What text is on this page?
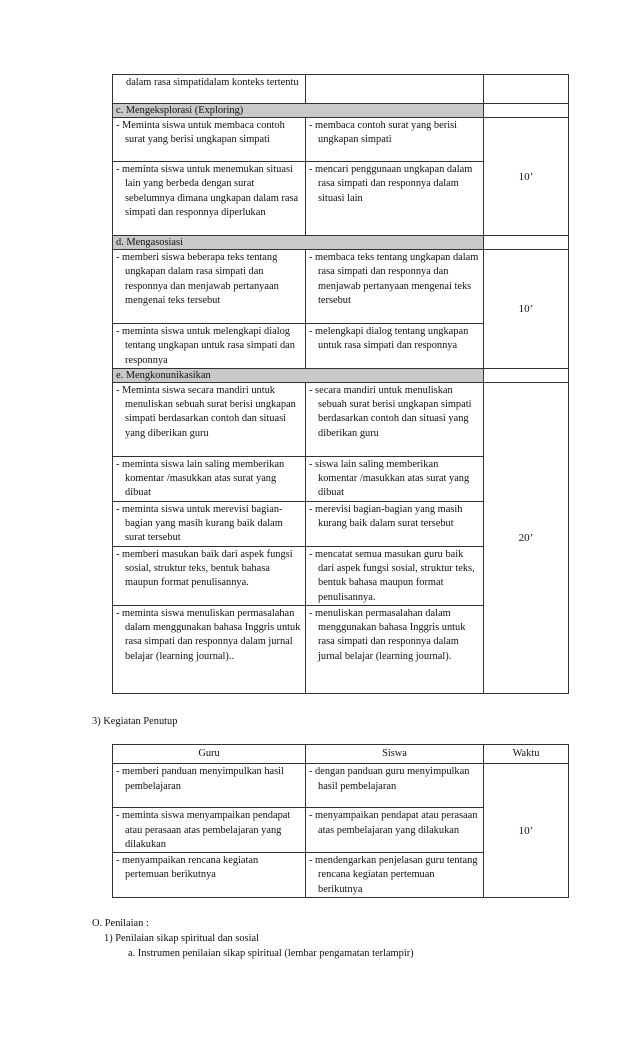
dalam rasa simpatidalam konteks tertentu		
c. Mengeksplorasi (Exploring)		

- Meminta siswa untuk membaca contoh surat yang berisi ungkapan simpati	- membaca contoh surat yang berisi ungkapan simpati	10’

- meminta siswa untuk menemukan situasi lain yang berbeda dengan surat sebelumnya dimana ungkapan dalam rasa simpati dan responnya diperlukan	- mencari penggunaan ungkapan dalam rasa simpati dan responnya dalam situasi lain	

d. Mengasosiasi		

- memberi siswa beberapa teks tentang ungkapan dalam rasa simpati dan responnya dan menjawab pertanyaan mengenai teks tersebut	- membaca teks tentang ungkapan dalam rasa simpati dan responnya dan menjawab pertanyaan mengenai teks tersebut	10’

- meminta siswa untuk melengkapi dialog tentang ungkapan untuk rasa simpati dan responnya	- melengkapi dialog tentang ungkapan untuk rasa simpati dan responnya	

e. Mengkonunikasikan		

- Meminta siswa secara mandiri untuk menuliskan sebuah surat berisi ungkapan simpati berdasarkan contoh dan situasi yang diberikan guru	- secara mandiri untuk menuliskan sebuah surat berisi ungkapan simpati berdasarkan contoh dan situasi yang diberikan guru	20’

- meminta siswa lain saling memberikan komentar /masukkan atas surat yang dibuat	- siswa lain saling memberikan komentar /masukkan atas surat yang dibuat	

- meminta siswa untuk merevisi bagian-bagian yang masih kurang baik dalam surat tersebut	- merevisi bagian-bagian yang masih kurang baik dalam surat tersebut	

- memberi masukan baik dari aspek fungsi sosial, struktur teks, bentuk bahasa maupun format penulisannya.	- mencatat semua masukan guru baik dari aspek fungsi sosial, struktur teks, bentuk bahasa maupun format penulisannya.	

- meminta siswa menuliskan permasalahan dalam menggunakan bahasa Inggris untuk rasa simpati dan responnya dalam jurnal belajar (learning journal)..	- menuliskan permasalahan dalam menggunakan bahasa Inggris untuk rasa simpati dan responnya dalam jurnal belajar (learning journal).	
3) Kegiatan Penutup
Guru	Siswa	Waktu

- memberi panduan menyimpulkan hasil pembelajaran	- dengan panduan guru menyimpulkan hasil pembelajaran	10’

- meminta siswa menyampaikan pendapat atau perasaan atas pembelajaran yang dilakukan	- menyampaikan pendapat atau perasaan atas pembelajaran yang dilakukan	

- menyampaikan rencana kegiatan pertemuan berikutnya	- mendengarkan penjelasan guru tentang rencana kegiatan pertemuan berikutnya	
O. Penilaian :
1) Penilaian sikap spiritual dan sosial
a. Instrumen penilaian sikap spiritual (lembar pengamatan terlampir)
